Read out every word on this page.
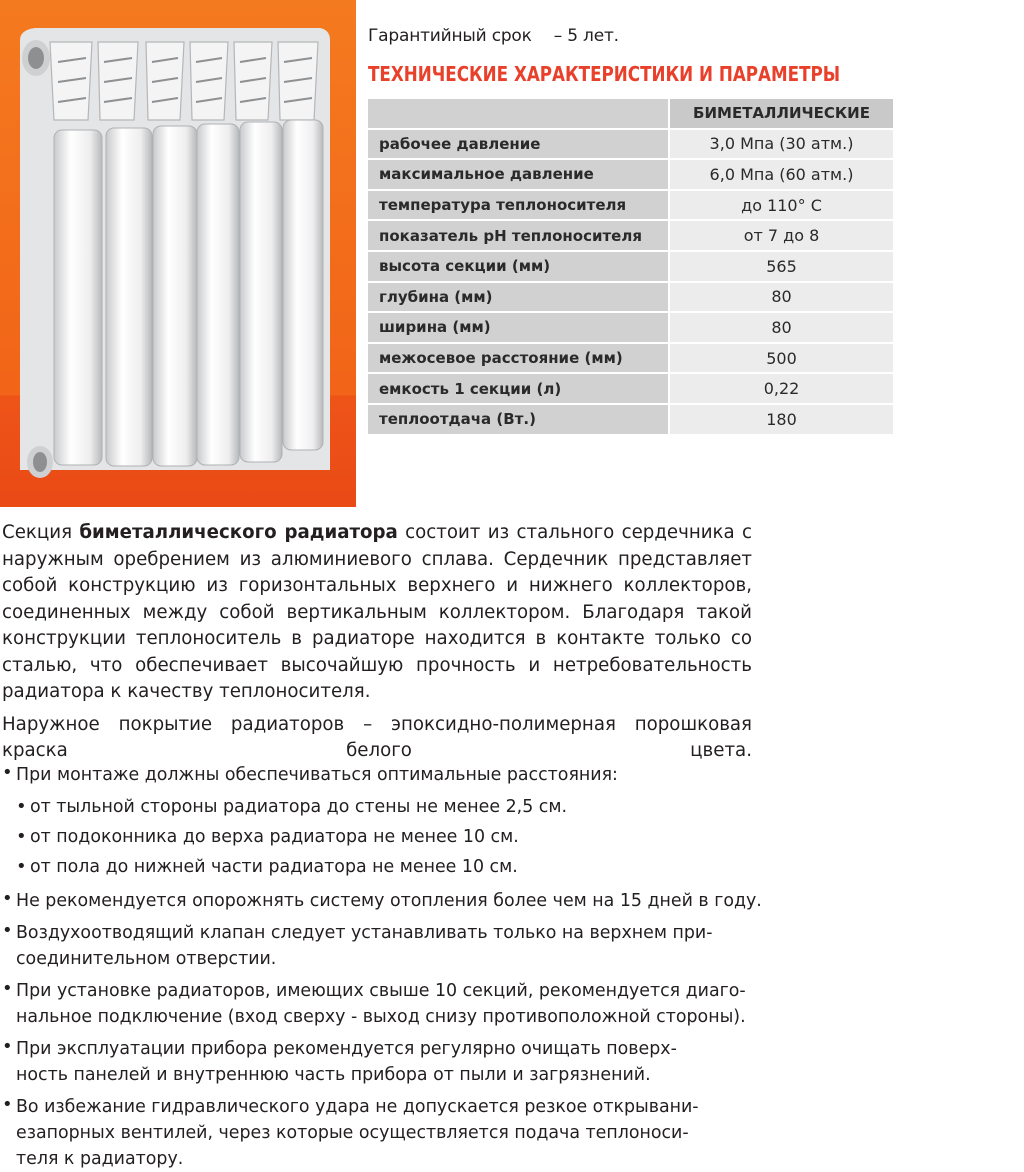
Гарантийный срок – 5 лет.
ТЕХНИЧЕСКИЕ ХАРАКТЕРИСТИКИ И ПАРАМЕТРЫ
	БИМЕТАЛЛИЧЕСКИЕ
рабочее давление	3,0 Мпа (30 атм.)
максимальное давление	6,0 Мпа (60 атм.)
температура теплоносителя	до 110° С
показатель pH теплоносителя	от 7 до 8
высота секции (мм)	565
глубина (мм)	80
ширина (мм)	80
межосевое расстояние (мм)	500
емкость 1 секции (л)	0,22
теплоотдача (Вт.)	180

Секция биметаллического радиатора состоит из стального сердечника с наружным оребрением из алюминиевого сплава. Сердечник представляет собой конструкцию из горизонтальных верхнего и нижнего коллекторов, соединенных между собой вертикальным коллектором. Благодаря такой конструкции теплоноситель в радиаторе находится в контакте только со сталью, что обеспечивает высочайшую прочность и нетребовательность радиатора к качеству теплоносителя.

Наружное покрытие радиаторов – эпоксидно-полимерная порошковая
краска белого цвета.

• При монтаже должны обеспечиваться оптимальные расстояния:
• от тыльной стороны радиатора до стены не менее 2,5 см.
• от подоконника до верха радиатора не менее 10 см.
• от пола до нижней части радиатора не менее 10 см.
• Не рекомендуется опорожнять систему отопления более чем на 15 дней в году.
• Воздухоотводящий клапан следует устанавливать только на верхнем при-
соединительном отверстии.
• При установке радиаторов, имеющих свыше 10 секций, рекомендуется диаго-
нальное подключение (вход сверху - выход снизу противоположной стороны).
• При эксплуатации прибора рекомендуется регулярно очищать поверх-
ность панелей и внутреннюю часть прибора от пыли и загрязнений.
• Во избежание гидравлического удара не допускается резкое открывани-
езапорных вентилей, через которые осуществляется подача теплоноси-
теля к радиатору.
